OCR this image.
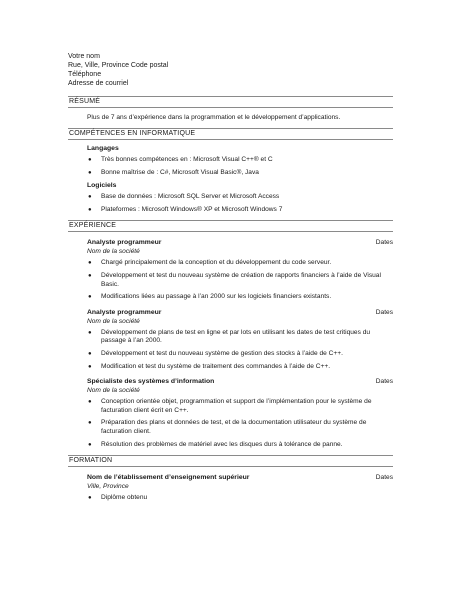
Votre nom
Rue, Ville, Province Code postal
Téléphone
Adresse de courriel
RÉSUMÉ
Plus de 7 ans d’expérience dans la programmation et le développement d’applications.
COMPÉTENCES EN INFORMATIQUE
Langages
● Très bonnes compétences en : Microsoft Visual C++® et C
● Bonne maîtrise de : C#, Microsoft Visual Basic®, Java
Logiciels
● Base de données : Microsoft SQL Server et Microsoft Access
● Plateformes : Microsoft Windows® XP et Microsoft Windows 7
EXPÉRIENCE
Analyste programmeur	Dates
Nom de la société
● Chargé principalement de la conception et du développement du code serveur.
● Développement et test du nouveau système de création de rapports financiers à l’aide de Visual Basic.
● Modifications liées au passage à l’an 2000 sur les logiciels financiers existants.
Analyste programmeur	Dates
Nom de la société
● Développement de plans de test en ligne et par lots en utilisant les dates de test critiques du passage à l’an 2000.
● Développement et test du nouveau système de gestion des stocks à l’aide de C++.
● Modification et test du système de traitement des commandes à l’aide de C++.
Spécialiste des systèmes d’information	Dates
Nom de la société
● Conception orientée objet, programmation et support de l’implémentation pour le système de facturation client écrit en C++.
● Préparation des plans et données de test, et de la documentation utilisateur du système de facturation client.
● Résolution des problèmes de matériel avec les disques durs à tolérance de panne.
FORMATION
Nom de l’établissement d’enseignement supérieur	Dates
Ville, Province
● Diplôme obtenu
